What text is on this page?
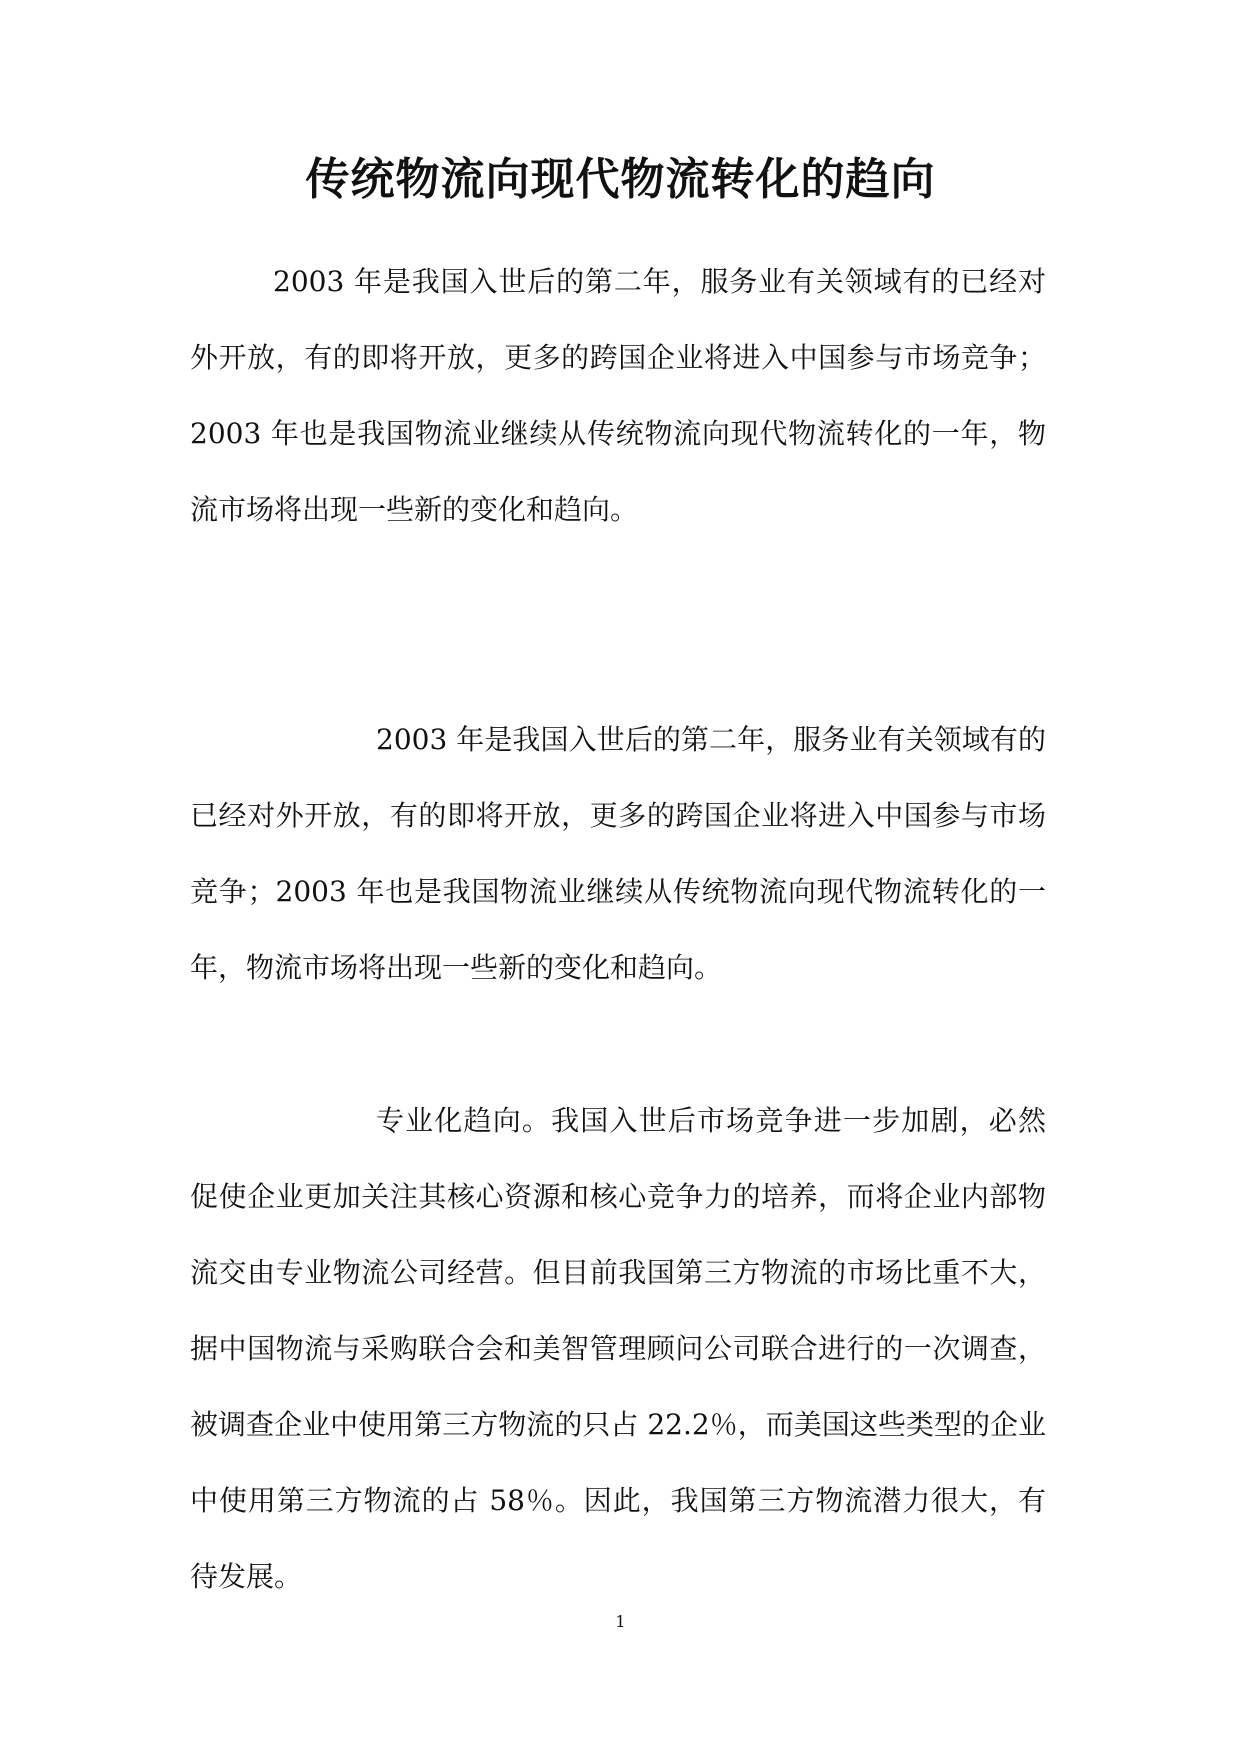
传统物流向现代物流转化的趋向

2003 年是我国入世后的第二年，服务业有关领域有的已经对外开放，有的即将开放，更多的跨国企业将进入中国参与市场竞争；2003 年也是我国物流业继续从传统物流向现代物流转化的一年，物流市场将出现一些新的变化和趋向。

2003 年是我国入世后的第二年，服务业有关领域有的已经对外开放，有的即将开放，更多的跨国企业将进入中国参与市场竞争；2003 年也是我国物流业继续从传统物流向现代物流转化的一年，物流市场将出现一些新的变化和趋向。

专业化趋向。我国入世后市场竞争进一步加剧，必然促使企业更加关注其核心资源和核心竞争力的培养，而将企业内部物流交由专业物流公司经营。但目前我国第三方物流的市场比重不大，据中国物流与采购联合会和美智管理顾问公司联合进行的一次调查，被调查企业中使用第三方物流的只占 22.2％，而美国这些类型的企业中使用第三方物流的占 58％。因此，我国第三方物流潜力很大，有待发展。

1
